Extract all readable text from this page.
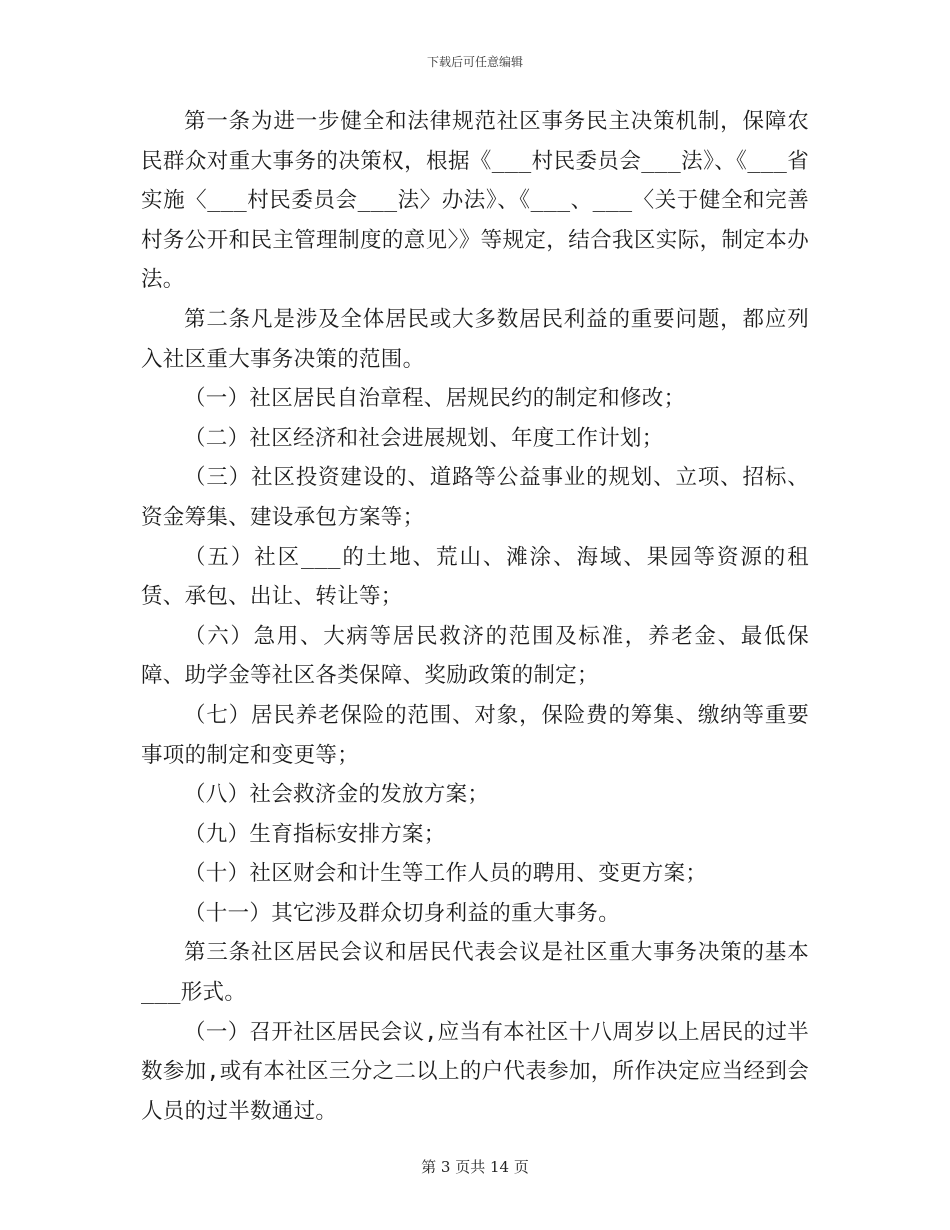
下载后可任意编辑

第一条为进一步健全和法律规范社区事务民主决策机制，保障农民群众对重大事务的决策权，根据《___村民委员会___法》、《___省实施〈___村民委员会___法〉办法》、《___、___〈关于健全和完善村务公开和民主管理制度的意见〉》等规定，结合我区实际，制定本办法。

第二条凡是涉及全体居民或大多数居民利益的重要问题，都应列入社区重大事务决策的范围。

（一）社区居民自治章程、居规民约的制定和修改；

（二）社区经济和社会进展规划、年度工作计划；

（三）社区投资建设的、道路等公益事业的规划、立项、招标、资金筹集、建设承包方案等；

（五）社区___的土地、荒山、滩涂、海域、果园等资源的租赁、承包、出让、转让等；

（六）急用、大病等居民救济的范围及标准，养老金、最低保障、助学金等社区各类保障、奖励政策的制定；

（七）居民养老保险的范围、对象，保险费的筹集、缴纳等重要事项的制定和变更等；

（八）社会救济金的发放方案；

（九）生育指标安排方案；

（十）社区财会和计生等工作人员的聘用、变更方案；

（十一）其它涉及群众切身利益的重大事务。

第三条社区居民会议和居民代表会议是社区重大事务决策的基本___形式。

（一）召开社区居民会议,应当有本社区十八周岁以上居民的过半数参加,或有本社区三分之二以上的户代表参加，所作决定应当经到会人员的过半数通过。

第 3 页共 14 页
